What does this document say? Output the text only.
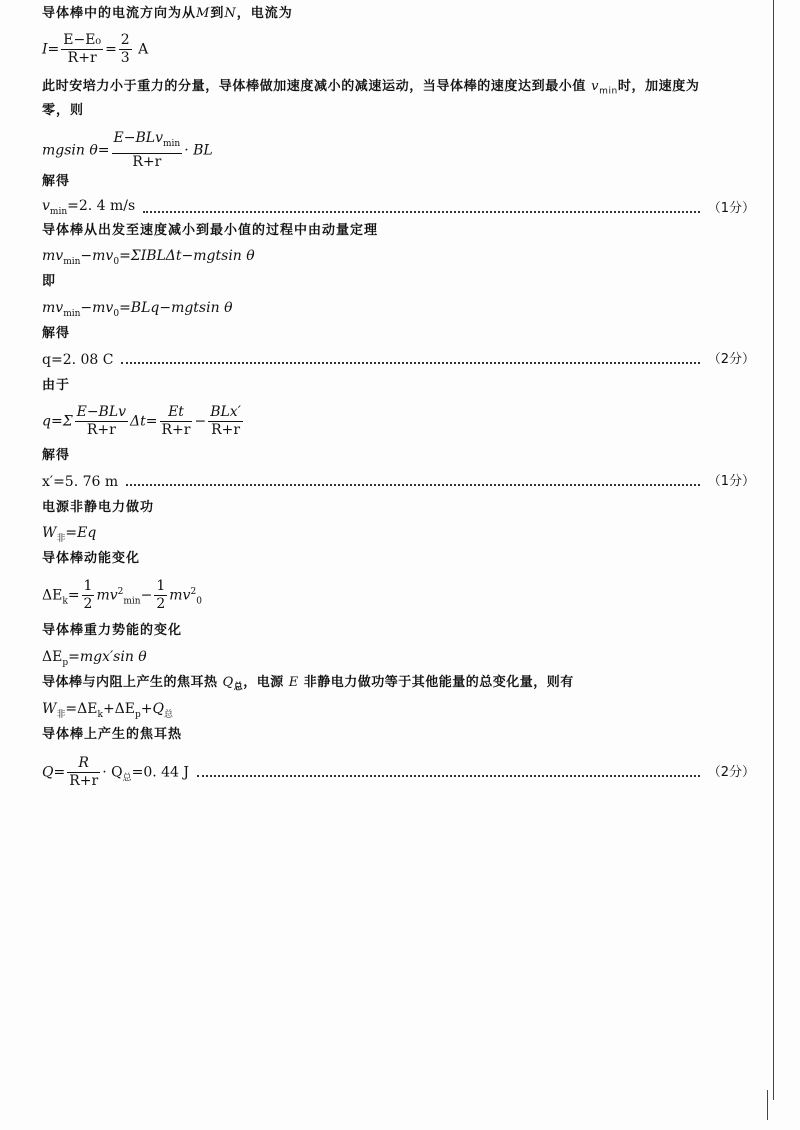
导体棒中的电流方向为从M到N，电流为
$I= \frac{\text{E−E₀}}{R+r} = \frac{2}{3}$ A
此时安培力小于重力的分量，导体棒做加速度减小的减速运动，当导体棒的速度达到最小值 $v_{min}$时，加速度为
零，则
mgsin $\theta= \frac{E-BLv_{min}}{R+r}$ · BL
解得
$v_{min}=2$. 4 m/s	（1分）
导体棒从出发至速度减小到最小值的过程中由动量定理
$mv_{min}-mv_0=\Sigma IBL\Delta t-mgtsin$ θ
即
$mv_{min}-mv_0=BLq-mgtsin$ θ
解得
q=2. 08 C	（2分）
由于
$q=\Sigma \frac{\text{E−BLv}}{R+r} \Delta t= \frac{Et}{R+r} - \frac{\text{BLx′}}{R+r}$
解得
x′=5. 76 m	（1分）
电源非静电力做功
$W_非=Eq$
导体棒动能变化
$\Delta E_k= \frac{1}{2} mv^2_{min}- \frac{1}{2} mv^2_0$
导体棒重力势能的变化
$\Delta E_p=mgx'\sin$ θ
导体棒与内阻上产生的焦耳热 $Q_总$，电源 E 非静电力做功等于其他能量的总变化量，则有
$W_非=\Delta E_k+\Delta E_p+Q_总$
导体棒上产生的焦耳热
$Q= \frac{R}{R+r} \cdot Q_总=0$. 44 J	（2分）
